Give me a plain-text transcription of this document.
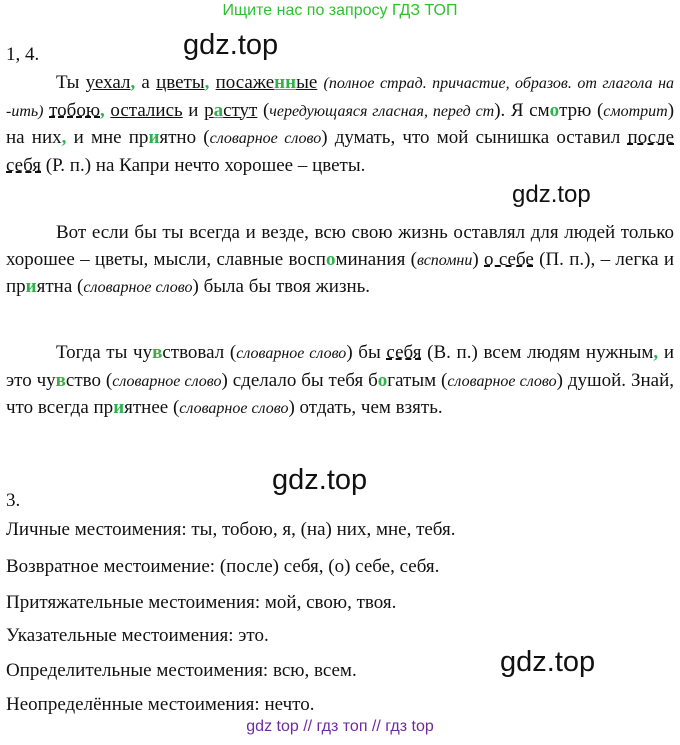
Ищите нас по запросу ГДЗ ТОП
gdz.top
gdz.top
gdz.top
gdz.top
1, 4.

Ты уехал, а цветы, посаженные (полное страд. причастие, образов. от глагола на -ить) тобою, остались и растут (чередующаяся гласная, перед ст). Я смотрю (смотрит) на них, и мне приятно (словарное слово) думать, что мой сынишка оставил после себя (Р. п.) на Капри нечто хорошее – цветы.

Вот если бы ты всегда и везде, всю свою жизнь оставлял для людей только хорошее – цветы, мысли, славные воспоминания (вспомни) о себе (П. п.), – легка и приятна (словарное слово) была бы твоя жизнь.

Тогда ты чувствовал (словарное слово) бы себя (В. п.) всем людям нужным, и это чувство (словарное слово) сделало бы тебя богатым (словарное слово) душой. Знай, что всегда приятнее (словарное слово) отдать, чем взять.

3.
Личные местоимения: ты, тобою, я, (на) них, мне, тебя.
Возвратное местоимение: (после) себя, (о) себе, себя.
Притяжательные местоимения: мой, свою, твоя.
Указательные местоимения: это.
Определительные местоимения: всю, всем.
Неопределённые местоимения: нечто.
gdz top // гдз топ // гдз top
